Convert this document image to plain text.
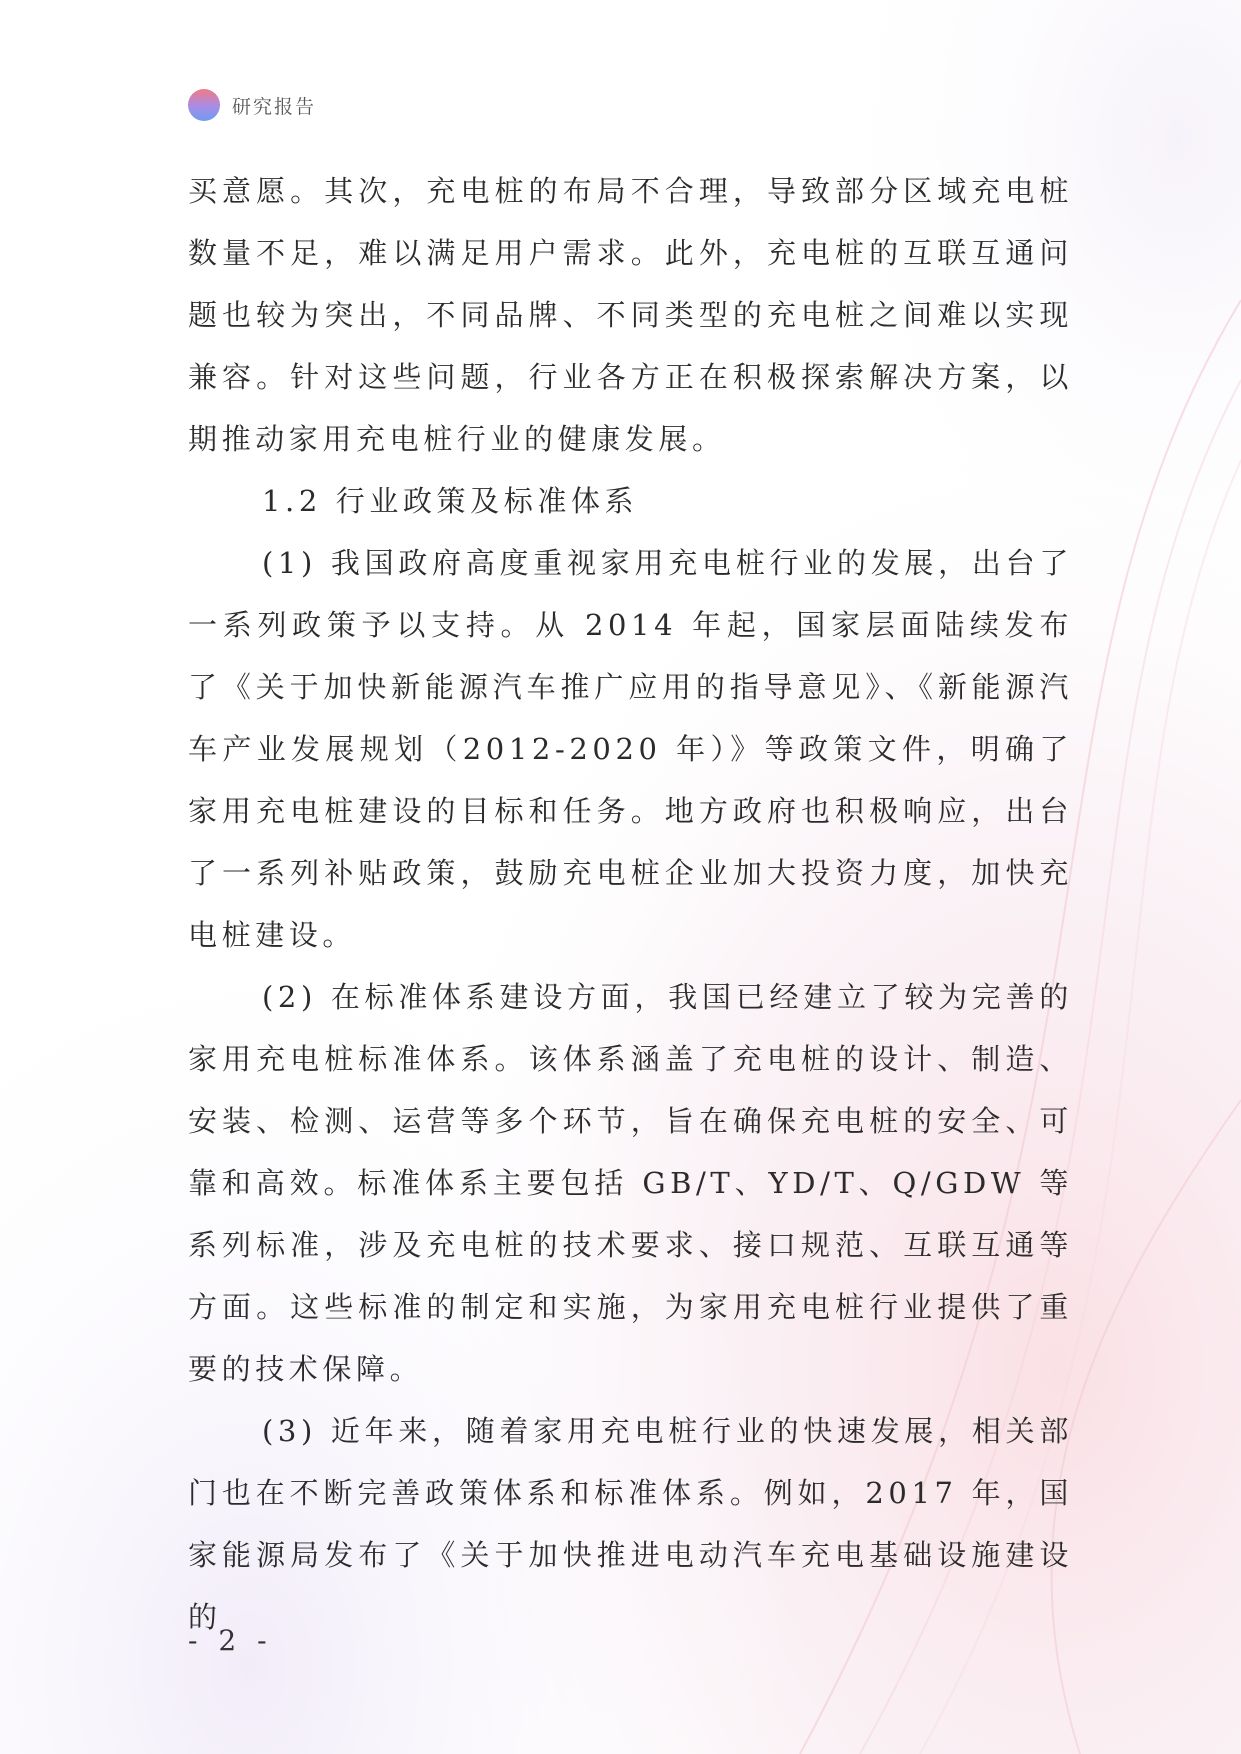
研究报告

买意愿。其次，充电桩的布局不合理，导致部分区域充电桩数量不足，难以满足用户需求。此外，充电桩的互联互通问题也较为突出，不同品牌、不同类型的充电桩之间难以实现兼容。针对这些问题，行业各方正在积极探索解决方案，以期推动家用充电桩行业的健康发展。

1.2 行业政策及标准体系

(1) 我国政府高度重视家用充电桩行业的发展，出台了一系列政策予以支持。从 2014 年起，国家层面陆续发布了《关于加快新能源汽车推广应用的指导意见》、《新能源汽车产业发展规划（2012-2020 年）》等政策文件，明确了家用充电桩建设的目标和任务。地方政府也积极响应，出台了一系列补贴政策，鼓励充电桩企业加大投资力度，加快充电桩建设。

(2) 在标准体系建设方面，我国已经建立了较为完善的家用充电桩标准体系。该体系涵盖了充电桩的设计、制造、安装、检测、运营等多个环节，旨在确保充电桩的安全、可靠和高效。标准体系主要包括 GB/T、YD/T、Q/GDW 等系列标准，涉及充电桩的技术要求、接口规范、互联互通等方面。这些标准的制定和实施，为家用充电桩行业提供了重要的技术保障。

(3) 近年来，随着家用充电桩行业的快速发展，相关部门也在不断完善政策体系和标准体系。例如，2017 年，国家能源局发布了《关于加快推进电动汽车充电基础设施建设的

- 2 -
